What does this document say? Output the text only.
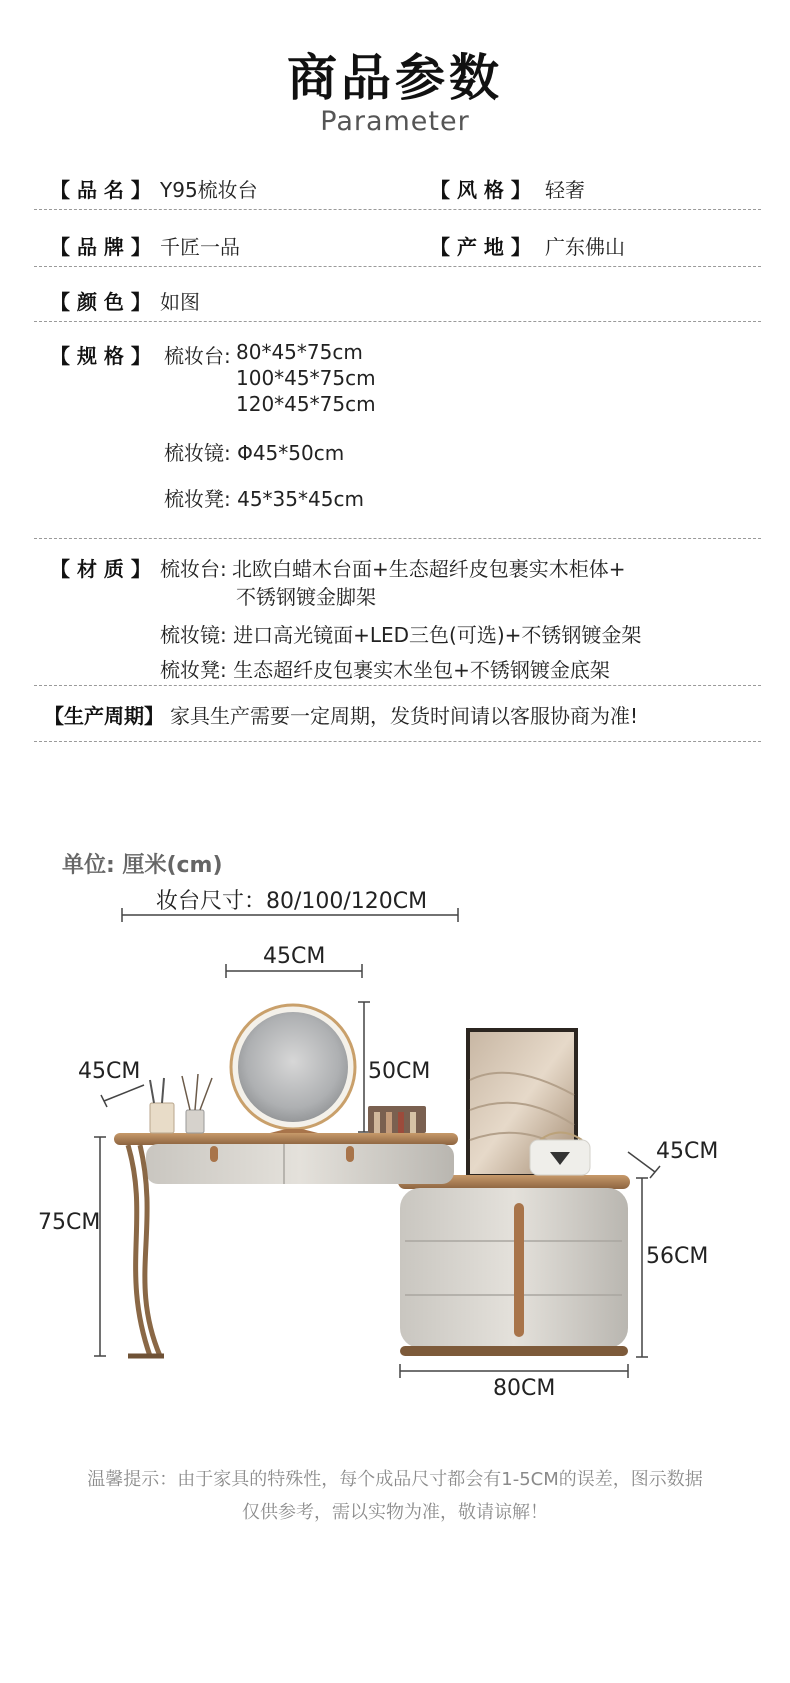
商品参数
Parameter
【 品 名 】 Y95梳妆台	【 风 格 】 轻奢
【 品 牌 】 千匠一品	【 产 地 】 广东佛山
【 颜 色 】 如图
【 规 格 】 梳妆台: 80*45*75cm
100*45*75cm
120*45*75cm
梳妆镜: Φ45*50cm
梳妆凳: 45*35*45cm
【 材 质 】 梳妆台: 北欧白蜡木台面+生态超纤皮包裹实木柜体+
不锈钢镀金脚架
梳妆镜: 进口高光镜面+LED三色(可选)+不锈钢镀金架
梳妆凳: 生态超纤皮包裹实木坐包+不锈钢镀金底架
【生产周期】 家具生产需要一定周期，发货时间请以客服协商为准!
单位: 厘米(cm)
妆台尺寸：80/100/120CM
45CM
50CM
45CM
75CM
45CM
56CM
80CM
温馨提示：由于家具的特殊性，每个成品尺寸都会有1-5CM的误差，图示数据
仅供参考，需以实物为准，敬请谅解！
